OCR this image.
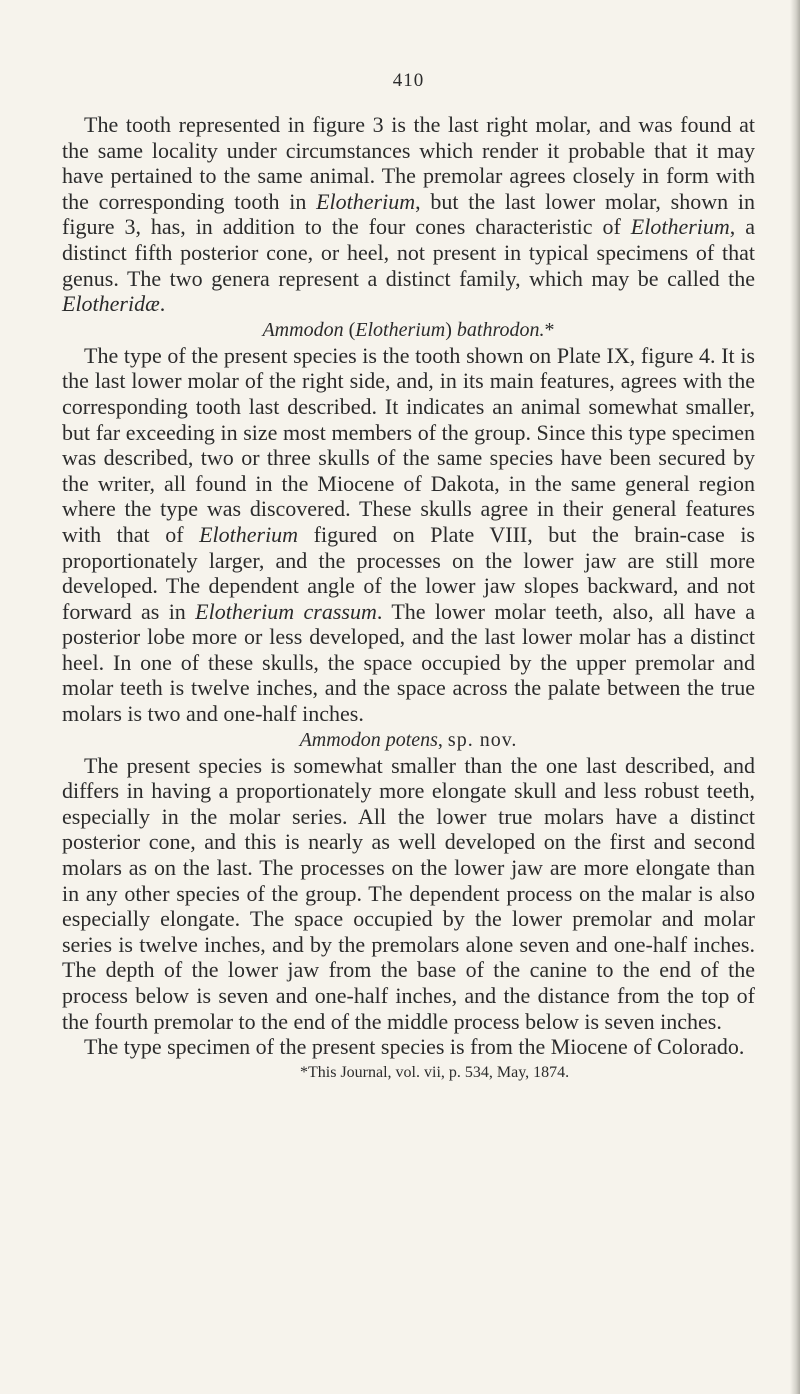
410

The tooth represented in figure 3 is the last right molar, and was found at the same locality under circumstances which render it probable that it may have pertained to the same animal. The premolar agrees closely in form with the corresponding tooth in Elotherium, but the last lower molar, shown in figure 3, has, in addition to the four cones characteristic of Elotherium, a distinct fifth posterior cone, or heel, not present in typical specimens of that genus. The two genera represent a distinct family, which may be called the Elotheridæ.

Ammodon (Elotherium) bathrodon.*

The type of the present species is the tooth shown on Plate IX, figure 4. It is the last lower molar of the right side, and, in its main features, agrees with the corresponding tooth last described. It indicates an animal somewhat smaller, but far exceeding in size most members of the group. Since this type specimen was described, two or three skulls of the same species have been secured by the writer, all found in the Miocene of Dakota, in the same general region where the type was discovered. These skulls agree in their general features with that of Elotherium figured on Plate VIII, but the brain-case is proportionately larger, and the processes on the lower jaw are still more developed. The dependent angle of the lower jaw slopes backward, and not forward as in Elotherium crassum. The lower molar teeth, also, all have a posterior lobe more or less developed, and the last lower molar has a distinct heel. In one of these skulls, the space occupied by the upper premolar and molar teeth is twelve inches, and the space across the palate between the true molars is two and one-half inches.

Ammodon potens, sp. nov.

The present species is somewhat smaller than the one last described, and differs in having a proportionately more elongate skull and less robust teeth, especially in the molar series. All the lower true molars have a distinct posterior cone, and this is nearly as well developed on the first and second molars as on the last. The processes on the lower jaw are more elongate than in any other species of the group. The dependent process on the malar is also especially elongate. The space occupied by the lower premolar and molar series is twelve inches, and by the premolars alone seven and one-half inches. The depth of the lower jaw from the base of the canine to the end of the process below is seven and one-half inches, and the distance from the top of the fourth premolar to the end of the middle process below is seven inches.

The type specimen of the present species is from the Miocene of Colorado.

*This Journal, vol. vii, p. 534, May, 1874.
